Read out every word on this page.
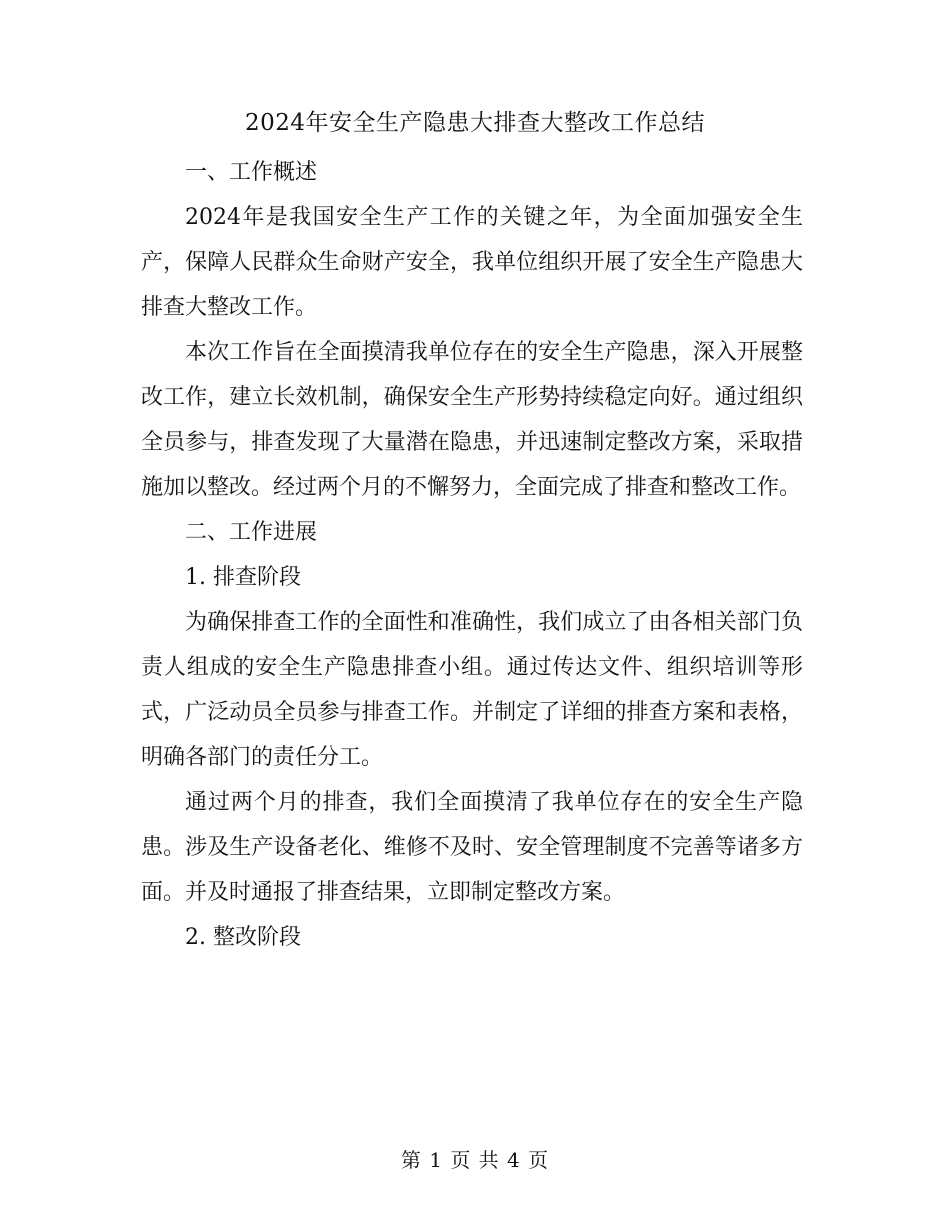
2024年安全生产隐患大排查大整改工作总结

一、工作概述

2024年是我国安全生产工作的关键之年，为全面加强安全生产，保障人民群众生命财产安全，我单位组织开展了安全生产隐患大排查大整改工作。

本次工作旨在全面摸清我单位存在的安全生产隐患，深入开展整改工作，建立长效机制，确保安全生产形势持续稳定向好。通过组织全员参与，排查发现了大量潜在隐患，并迅速制定整改方案，采取措施加以整改。经过两个月的不懈努力，全面完成了排查和整改工作。

二、工作进展

1. 排查阶段

为确保排查工作的全面性和准确性，我们成立了由各相关部门负责人组成的安全生产隐患排查小组。通过传达文件、组织培训等形式，广泛动员全员参与排查工作。并制定了详细的排查方案和表格，明确各部门的责任分工。

通过两个月的排查，我们全面摸清了我单位存在的安全生产隐患。涉及生产设备老化、维修不及时、安全管理制度不完善等诸多方面。并及时通报了排查结果，立即制定整改方案。

2. 整改阶段

第 1 页 共 4 页
